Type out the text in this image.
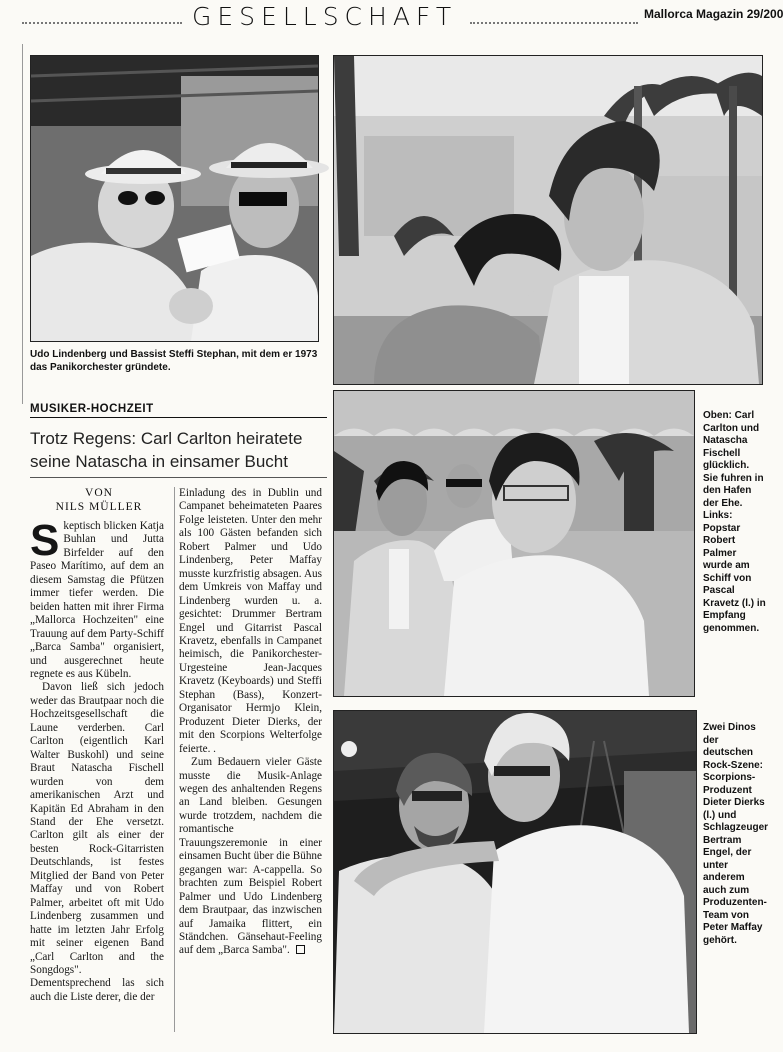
GESELLSCHAFT	Mallorca Magazin 29/200
Udo Lindenberg und Bassist Steffi Stephan, mit dem er 1973 das Panikorchester gründete.
MUSIKER-HOCHZEIT
Trotz Regens: Carl Carlton heiratete seine Natascha in einsamer Bucht
VON
NILS MÜLLER

Skeptisch blicken Katja Buhlan und Jutta Birfelder auf den Paseo Marítimo, auf dem an diesem Samstag die Pfützen immer tiefer werden. Die beiden hatten mit ihrer Firma „Mallorca Hochzeiten" eine Trauung auf dem Party-Schiff „Barca Samba" organisiert, und ausgerechnet heute regnete es aus Kübeln.

Davon ließ sich jedoch weder das Brautpaar noch die Hochzeitsgesellschaft die Laune verderben. Carl Carlton (eigentlich Karl Walter Buskohl) und seine Braut Natascha Fischell wurden von dem amerikanischen Arzt und Kapitän Ed Abraham in den Stand der Ehe versetzt. Carlton gilt als einer der besten Rock-Gitarristen Deutschlands, ist festes Mitglied der Band von Peter Maffay und von Robert Palmer, arbeitet oft mit Udo Lindenberg zusammen und hatte im letzten Jahr Erfolg mit seiner eigenen Band „Carl Carlton and the Songdogs". Dementsprechend las sich auch die Liste derer, die der

Einladung des in Dublin und Campanet beheimateten Paares Folge leisteten. Unter den mehr als 100 Gästen befanden sich Robert Palmer und Udo Lindenberg, Peter Maffay musste kurzfristig absagen. Aus dem Umkreis von Maffay und Lindenberg wurden u. a. gesichtet: Drummer Bertram Engel und Gitarrist Pascal Kravetz, ebenfalls in Campanet heimisch, die Panikorchester-Urgesteine Jean-Jacques Kravetz (Keyboards) und Steffi Stephan (Bass), Konzert-Organisator Hermjo Klein, Produzent Dieter Dierks, der mit den Scorpions Welterfolge feierte. .

Zum Bedauern vieler Gäste musste die Musik-Anlage wegen des anhaltenden Regens an Land bleiben. Gesungen wurde trotzdem, nachdem die romantische Trauungszeremonie in einer einsamen Bucht über die Bühne gegangen war: A-cappella. So brachten zum Beispiel Robert Palmer und Udo Lindenberg dem Brautpaar, das inzwischen auf Jamaika flittert, ein Ständchen. Gänsehaut-Feeling auf dem „Barca Samba".

Oben: Carl Carlton und Natascha Fischell glücklich. Sie fuhren in den Hafen der Ehe. Links: Popstar Robert Palmer wurde am Schiff von Pascal Kravetz (l.) in Empfang genommen.
Zwei Dinos der deutschen Rock-Szene: Scorpions-Produzent Dieter Dierks (l.) und Schlagzeuger Bertram Engel, der unter anderem auch zum Produzenten-Team von Peter Maffay gehört.
